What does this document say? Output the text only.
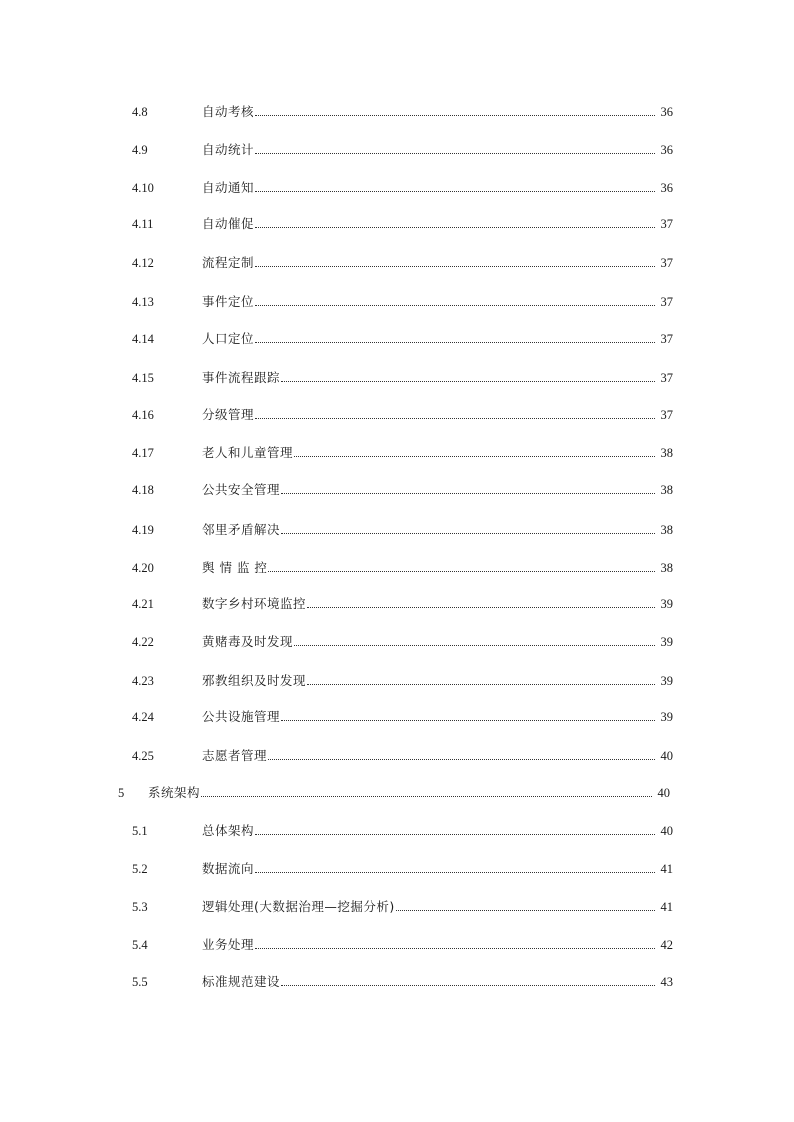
4.8	自动考核	36
4.9	自动统计	36
4.10	自动通知	36
4.11	自动催促	37
4.12	流程定制	37
4.13	事件定位	37
4.14	人口定位	37
4.15	事件流程跟踪	37
4.16	分级管理	37
4.17	老人和儿童管理	38
4.18	公共安全管理	38
4.19	邻里矛盾解决	38
4.20	舆 情 监 控	38
4.21	数字乡村环境监控	39
4.22	黄赌毒及时发现	39
4.23	邪教组织及时发现	39
4.24	公共设施管理	39
4.25	志愿者管理	40
5	系统架构	40
5.1	总体架构	40
5.2	数据流向	41
5.3	逻辑处理(大数据治理—挖掘分析)	41
5.4	业务处理	42
5.5	标准规范建设	43
